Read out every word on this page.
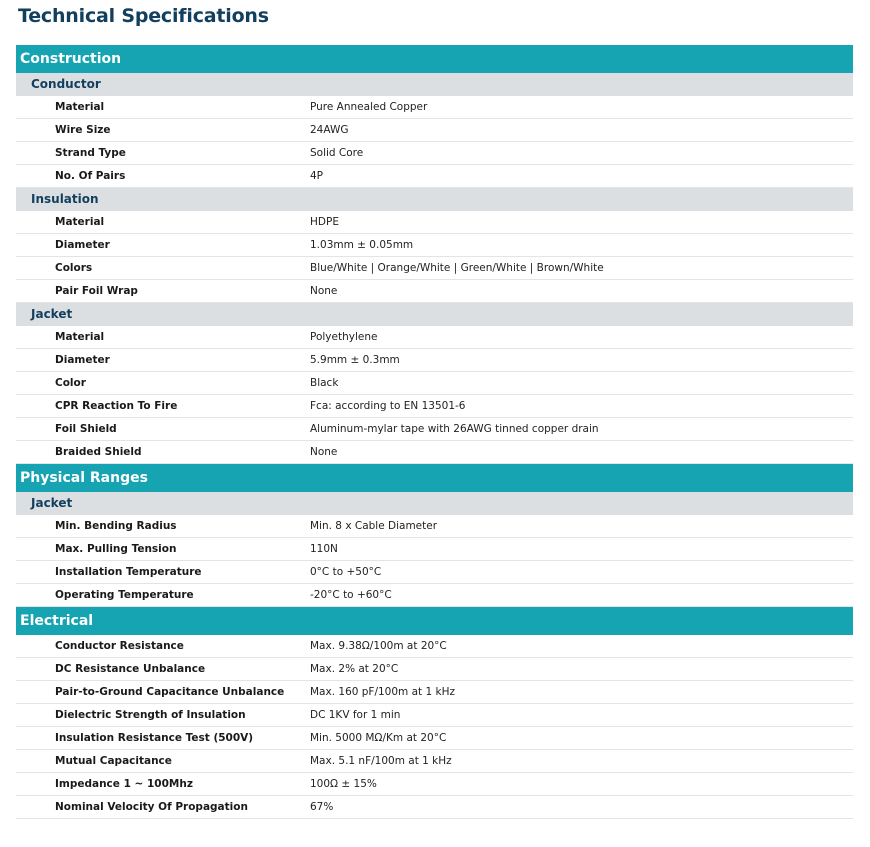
Technical Specifications
Construction
Conductor
Material	Pure Annealed Copper
Wire Size	24AWG
Strand Type	Solid Core
No. Of Pairs	4P
Insulation
Material	HDPE
Diameter	1.03mm ± 0.05mm
Colors	Blue/White | Orange/White | Green/White | Brown/White
Pair Foil Wrap	None
Jacket
Material	Polyethylene
Diameter	5.9mm ± 0.3mm
Color	Black
CPR Reaction To Fire	Fca: according to EN 13501-6
Foil Shield	Aluminum-mylar tape with 26AWG tinned copper drain
Braided Shield	None
Physical Ranges
Jacket
Min. Bending Radius	Min. 8 x Cable Diameter
Max. Pulling Tension	110N
Installation Temperature	0°C to +50°C
Operating Temperature	-20°C to +60°C
Electrical
Conductor Resistance	Max. 9.38Ω/100m at 20°C
DC Resistance Unbalance	Max. 2% at 20°C
Pair-to-Ground Capacitance Unbalance	Max. 160 pF/100m at 1 kHz
Dielectric Strength of Insulation	DC 1KV for 1 min
Insulation Resistance Test (500V)	Min. 5000 MΩ/Km at 20°C
Mutual Capacitance	Max. 5.1 nF/100m at 1 kHz
Impedance 1 ~ 100Mhz	100Ω ± 15%
Nominal Velocity Of Propagation	67%
